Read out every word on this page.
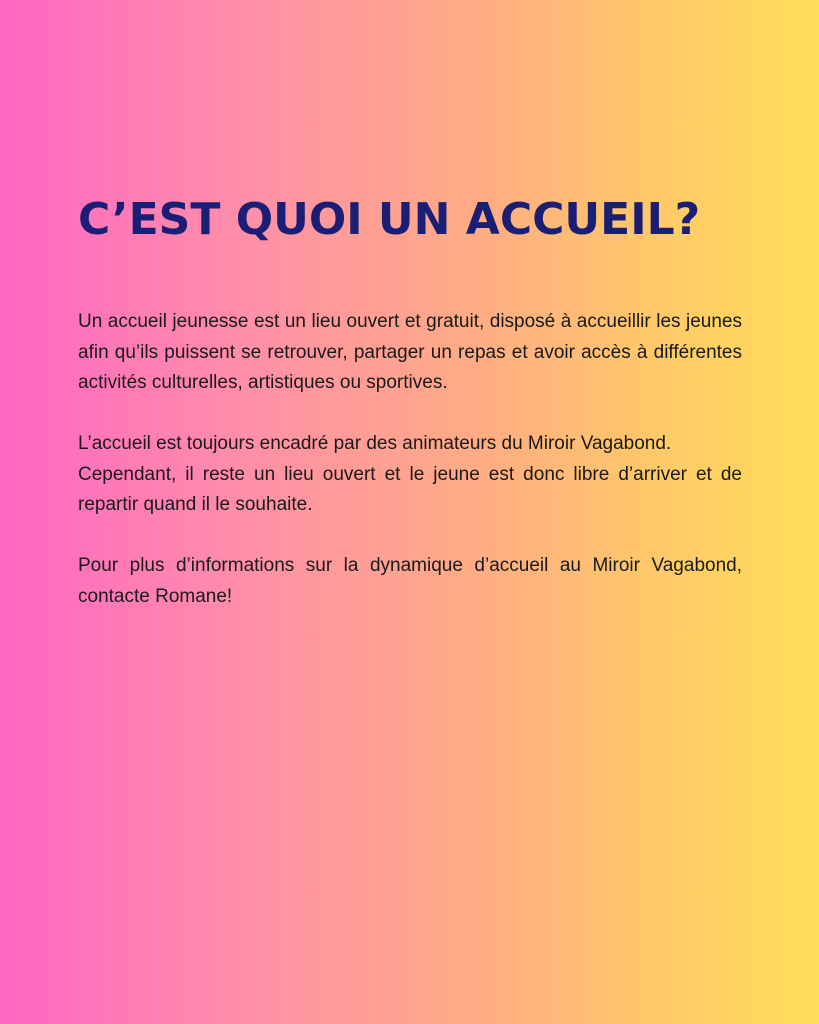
C’EST QUOI UN ACCUEIL?

Un accueil jeunesse est un lieu ouvert et gratuit, disposé à accueillir les jeunes afin qu’ils puissent se retrouver, partager un repas et avoir accès à différentes activités culturelles, artistiques ou sportives.

L’accueil est toujours encadré par des animateurs du Miroir Vagabond.

Cependant, il reste un lieu ouvert et le jeune est donc libre d’arriver et de repartir quand il le souhaite.

Pour plus d’informations sur la dynamique d’accueil au Miroir Vagabond, contacte Romane!
